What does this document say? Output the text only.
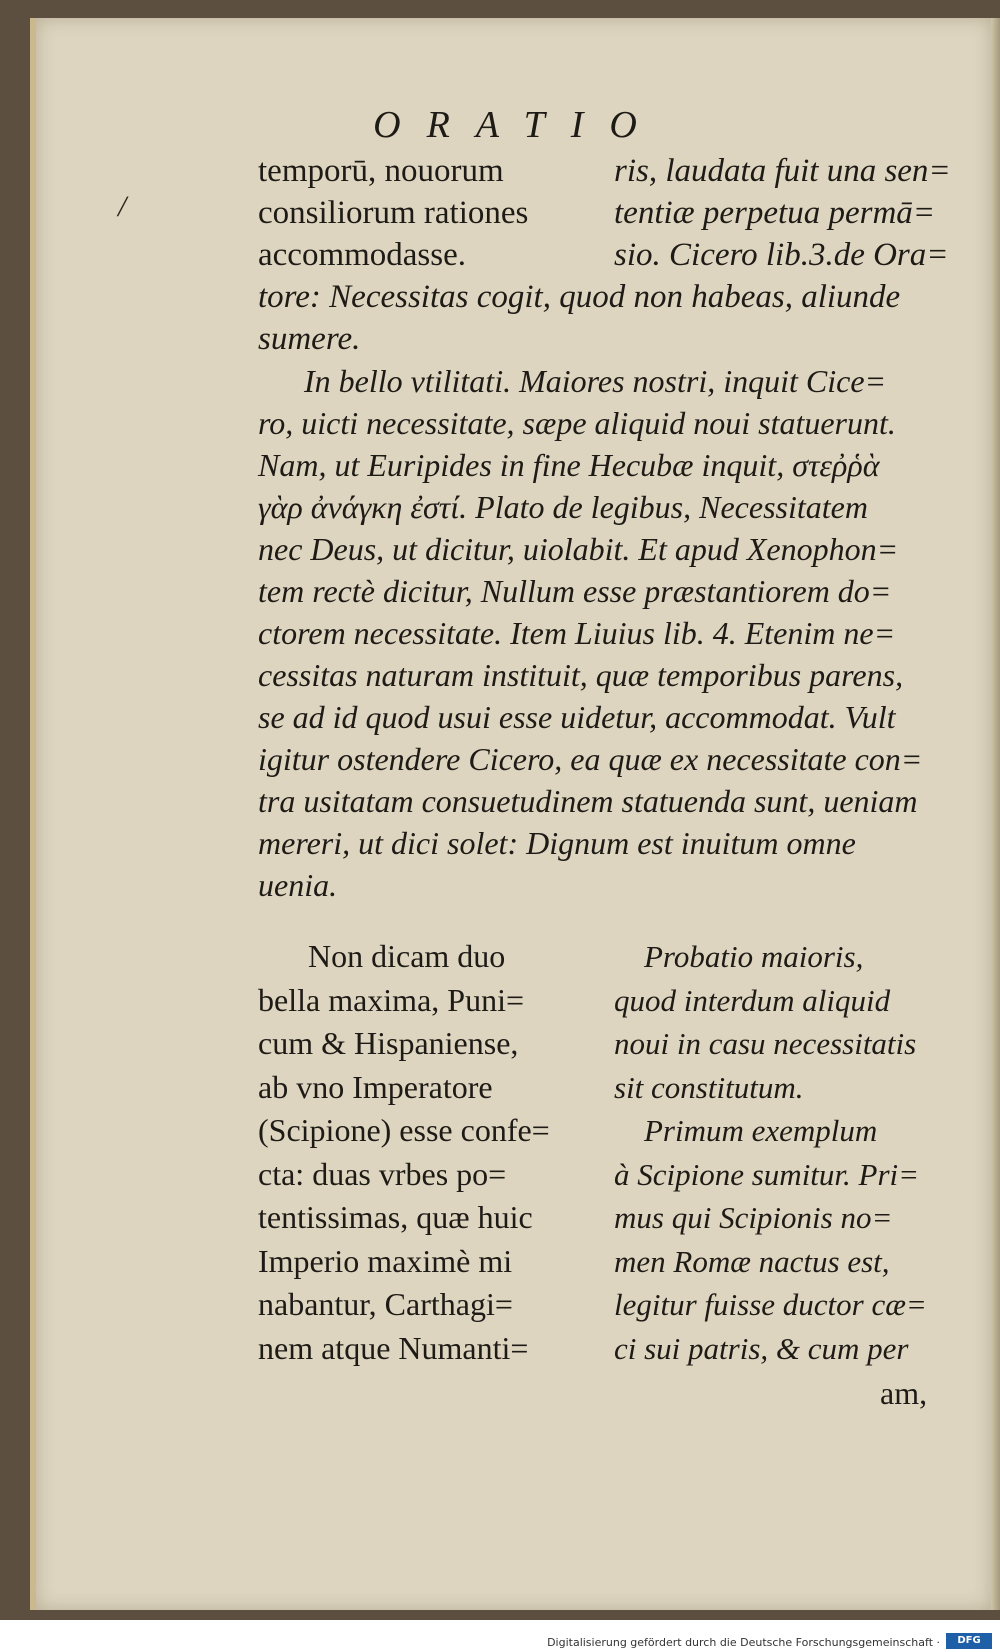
/
ORATIO
temporū, nouorum
consiliorum rationes
accommodasse.
ris, laudata fuit una sen=
tentiæ perpetua permā=
sio. Cicero lib.3.de Ora=
tore: Necessitas cogit, quod non habeas, aliunde
sumere.
In bello vtilitati. Maiores nostri, inquit Cice=
ro, uicti necessitate, sæpe aliquid noui statuerunt.
Nam, ut Euripides in fine Hecubæ inquit, στεῤῥὰ
γὰρ ἀνάγκη ἐστί. Plato de legibus, Necessitatem
nec Deus, ut dicitur, uiolabit. Et apud Xenophon=
tem rectè dicitur, Nullum esse præstantiorem do=
ctorem necessitate. Item Liuius lib. 4. Etenim ne=
cessitas naturam instituit, quæ temporibus parens,
se ad id quod usui esse uidetur, accommodat. Vult
igitur ostendere Cicero, ea quæ ex necessitate con=
tra usitatam consuetudinem statuenda sunt, ueniam
mereri, ut dici solet: Dignum est inuitum omne
uenia.
Non dicam duo
bella maxima, Puni=
cum & Hispaniense,
ab vno Imperatore
(Scipione) esse confe=
cta: duas vrbes po=
tentissimas, quæ huic
Imperio maximè mi
nabantur, Carthagi=
nem atque Numanti=
Probatio maioris,
quod interdum aliquid
noui in casu necessitatis
sit constitutum.
Primum exemplum
à Scipione sumitur. Pri=
mus qui Scipionis no=
men Romæ nactus est,
legitur fuisse ductor cæ=
ci sui patris, & cum per
am,
Digitalisierung gefördert durch die Deutsche Forschungsgemeinschaft ·	DFG
